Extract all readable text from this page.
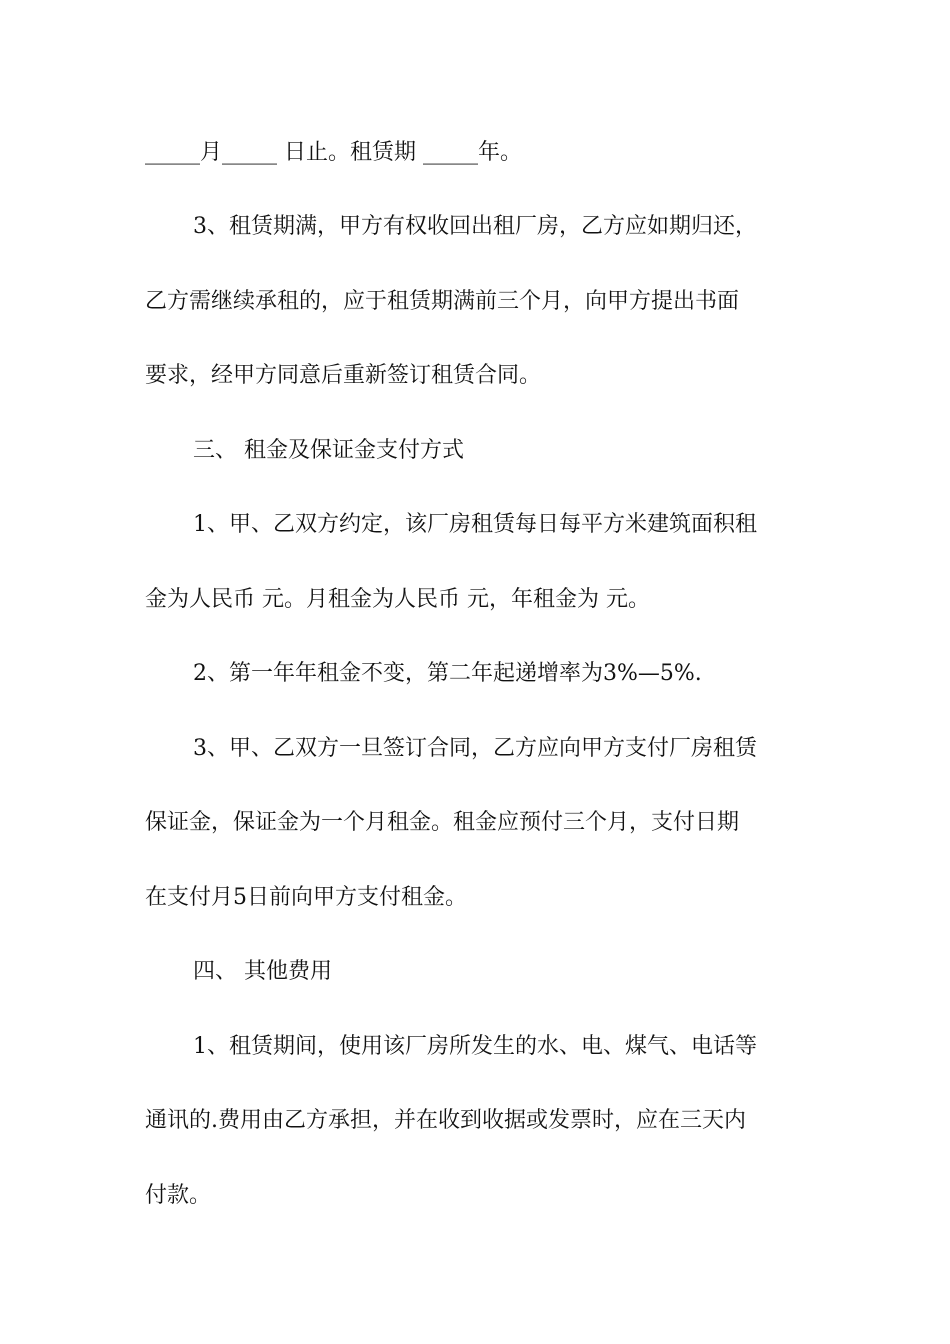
_____月_____ 日止。租赁期 _____年。
3、租赁期满，甲方有权收回出租厂房，乙方应如期归还，
乙方需继续承租的，应于租赁期满前三个月，向甲方提出书面
要求，经甲方同意后重新签订租赁合同。
三、 租金及保证金支付方式
1、甲、乙双方约定，该厂房租赁每日每平方米建筑面积租
金为人民币 元。月租金为人民币 元，年租金为 元。
2、第一年年租金不变，第二年起递增率为3%—5%.
3、甲、乙双方一旦签订合同，乙方应向甲方支付厂房租赁
保证金，保证金为一个月租金。租金应预付三个月，支付日期
在支付月5日前向甲方支付租金。
四、 其他费用
1、租赁期间，使用该厂房所发生的水、电、煤气、电话等
通讯的.费用由乙方承担，并在收到收据或发票时，应在三天内
付款。
